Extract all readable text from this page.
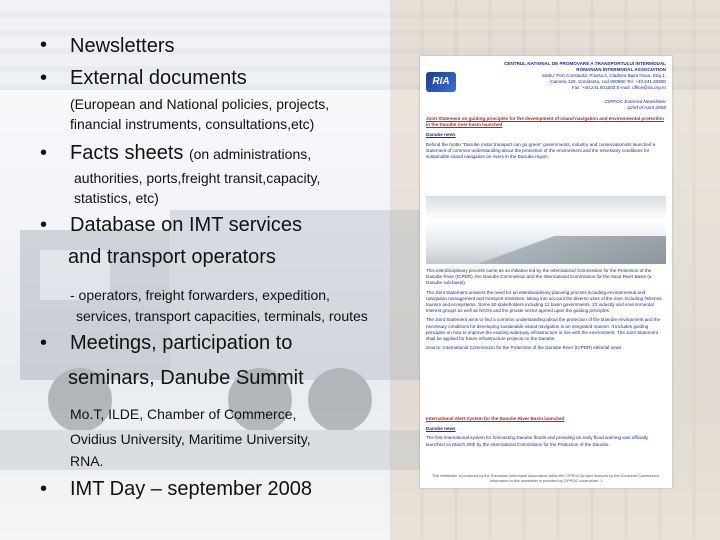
• Newsletters
• External documents
(European and National policies, projects,
financial instruments, consultations,etc)
• Facts sheets (on administrations,
authorities, ports,freight transit,capacity,
statistics, etc)
• Database on IMT services
and transport operators
- operators, freight forwarders, expedition,
services, transport capacities, terminals, routes
• Meetings, participation to
seminars, Danube Summit
Mo.T, ILDE, Chamber of Commerce,
Ovidius University, Maritime University,
RNA.
• IMT Day – september 2008
RIA
CENTRUL NATIONAL DE PROMOVARE A TRANSPORTULUI INTERMODAL
ROMANIAN INTERMODAL ASSOCIATION
Sediu: Port Constanta, Poarta 2, Cladirea Baza Noua, Etaj 1,
Camera 128, Constanta, cod 900900 Tel: +40.241.60800
Fax: +40.241.601503 E-mail: office@ria.org.ro
CIPROC External Newsletter
22nd of April 2008
Joint Statement on guiding principles for the development of inland navigation and environmental protection in the Danube river basin launched
Danube news
Behind the motto "Danube motor transport can go green" governments, industry and conservationists launched a statement of common understanding about the protection of the environment and the necessary conditions for sustainable inland navigation on rivers in the Danube region.
This interdisciplinary process came as an initiative led by the International Commission for the Protection of the Danube River (ICPDR), the Danube Commission and the International Commission for the Sava River Basin (a Danube sub-basin).
The Joint Statement answers the need for an interdisciplinary planning process including environmental and navigation management and transport ministries, taking into account the diverse uses of the river, including fisheries, tourism and ecosystems. Some 50 stakeholders including 12 basin governments, 22 industry and environmental interest groups as well as NGOs and the private sector agreed upon the guiding principles.
The Joint Statement aims to find a common understanding about the protection of the Danube environment and the necessary conditions for developing sustainable inland navigation in an integrated manner. It includes guiding principles on how to improve the existing waterway infrastructure in line with the environment. The Joint Statement shall be applied for future infrastructure projects on the Danube.
Source: International Commission for the Protection of the Danube River (ICPDR) editorial news.
International Alert System for the Danube River Basin launched
Danube news
The first international system for forecasting Danube floods and providing an early flood warning was officially launched on March 20th by the International Commission for the Protection of the Danube.
This newsletter is produced by the Romanian Intermodal Association within the CIPROC project financed by the European Commission. Information in this newsletter is provided by CIPROC consortium. 1
